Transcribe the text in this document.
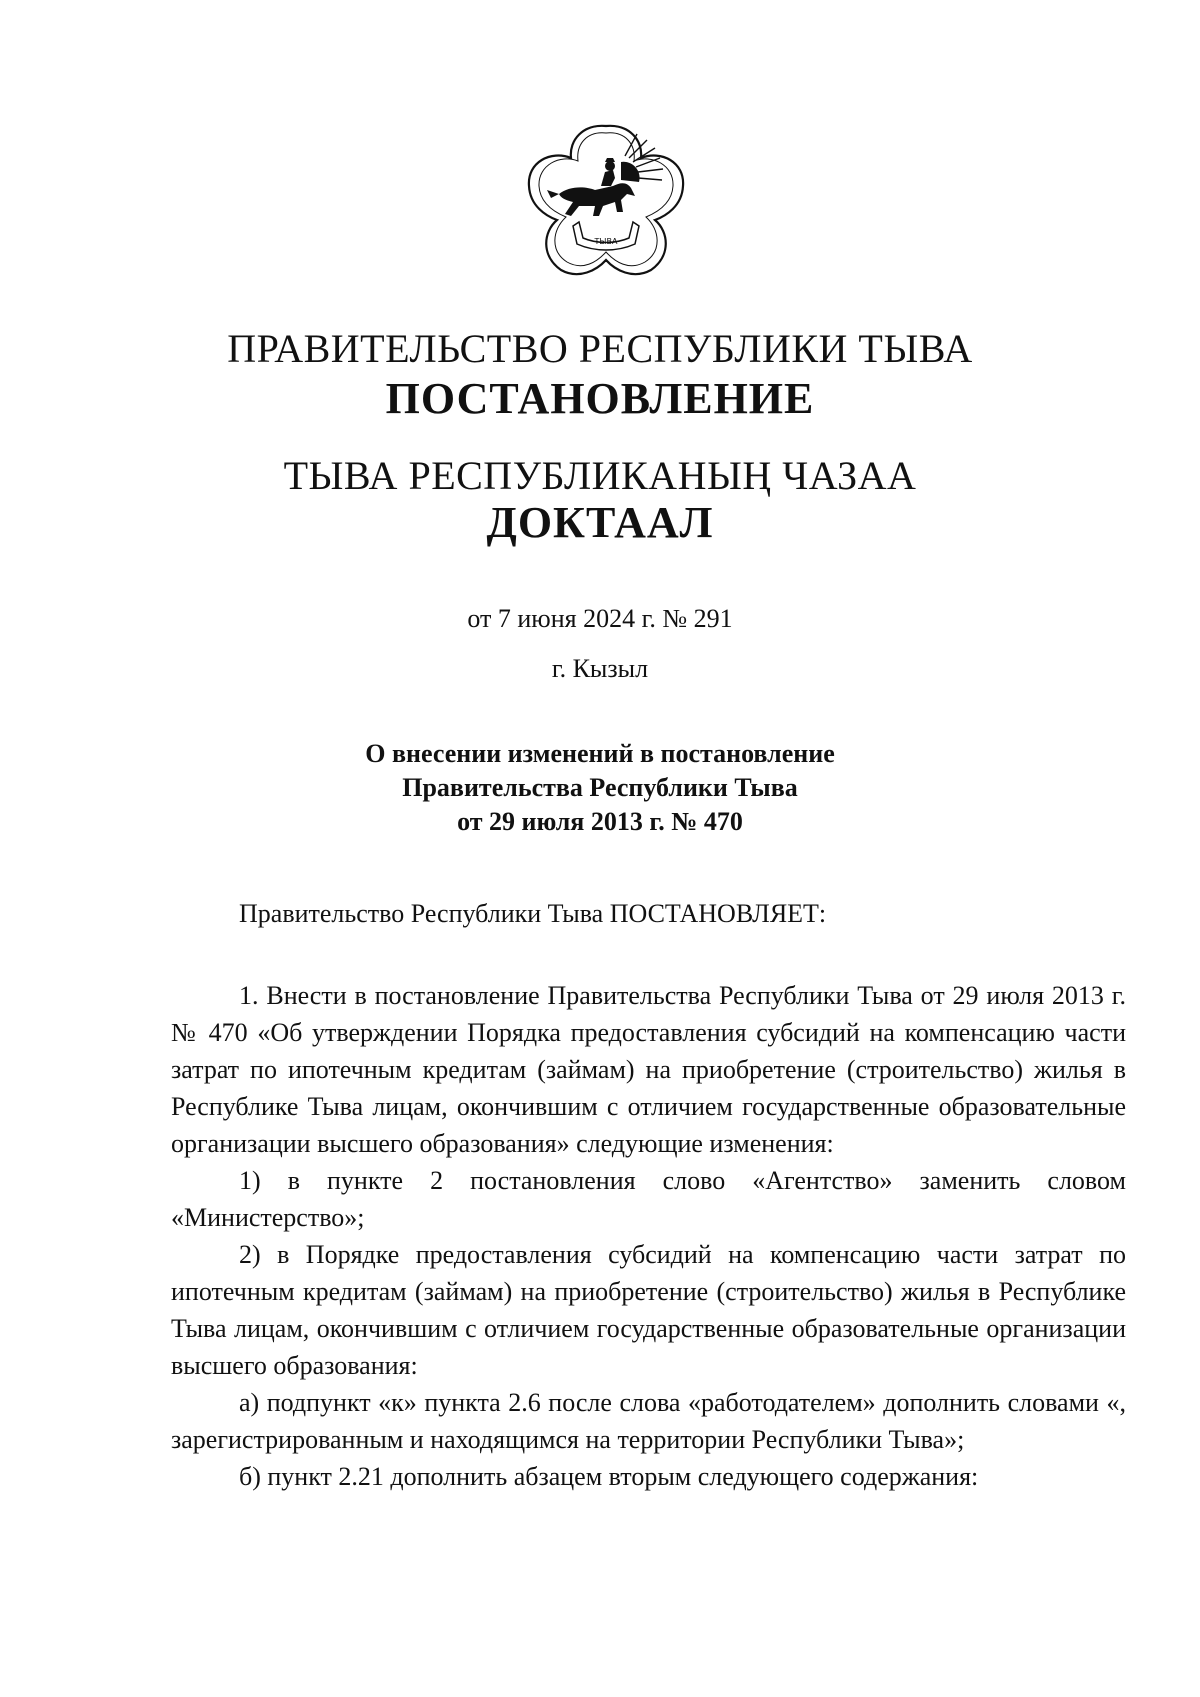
ТЫВА
ПРАВИТЕЛЬСТВО РЕСПУБЛИКИ ТЫВА
ПОСТАНОВЛЕНИЕ
ТЫВА РЕСПУБЛИКАНЫҢ ЧАЗАА
ДОКТААЛ
от 7 июня 2024 г. № 291
г. Кызыл
О внесении изменений в постановление
Правительства Республики Тыва
от 29 июля 2013 г. № 470

Правительство Республики Тыва ПОСТАНОВЛЯЕТ:

1. Внести в постановление Правительства Республики Тыва от 29 июля 2013 г. № 470 «Об утверждении Порядка предоставления субсидий на компенсацию части затрат по ипотечным кредитам (займам) на приобретение (строительство) жилья в Республике Тыва лицам, окончившим с отличием государственные образовательные организации высшего образования» следующие изменения:

1) в пункте 2 постановления слово «Агентство» заменить словом «Министерство»;

2) в Порядке предоставления субсидий на компенсацию части затрат по ипотечным кредитам (займам) на приобретение (строительство) жилья в Республике Тыва лицам, окончившим с отличием государственные образовательные организации высшего образования:

а) подпункт «к» пункта 2.6 после слова «работодателем» дополнить словами «, зарегистрированным и находящимся на территории Республики Тыва»;

б) пункт 2.21 дополнить абзацем вторым следующего содержания:
